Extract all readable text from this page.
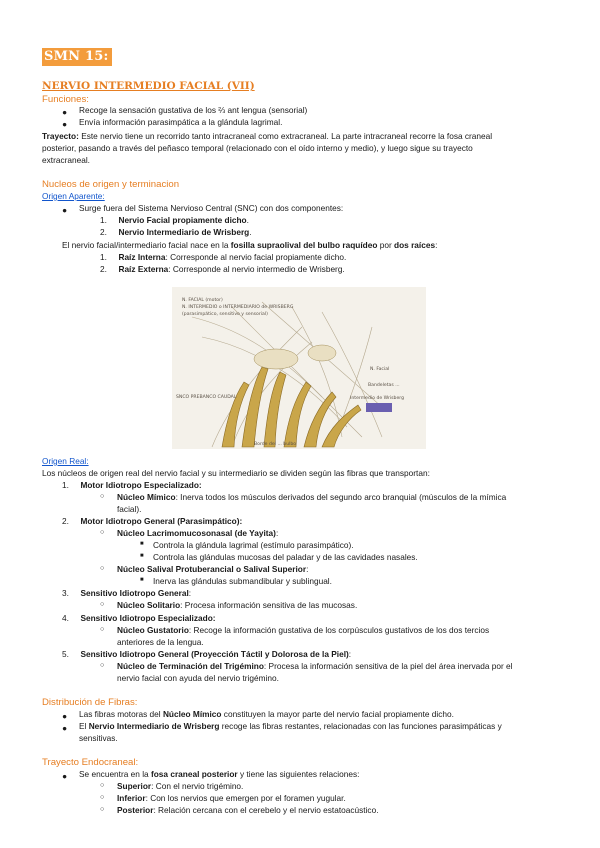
SMN 15:
NERVIO INTERMEDIO FACIAL (VII)
Funciones:
● Recoge la sensación gustativa de los ⅔ ant lengua (sensorial)
● Envía información parasimpática a la glándula lagrimal.
Trayecto: Este nervio tiene un recorrido tanto intracraneal como extracraneal. La parte intracraneal recorre la fosa craneal
posterior, pasando a través del peñasco temporal (relacionado con el oído interno y medio), y luego sigue su trayecto
extracraneal.
Nucleos de origen y terminacion
Origen Aparente:
● Surge fuera del Sistema Nervioso Central (SNC) con dos componentes:
1.     Nervio Facial propiamente dicho.
2.     Nervio Intermediario de Wrisberg.
El nervio facial/intermediario facial nace en la fosilla supraolival del bulbo raquídeo por dos raíces:
1.     Raíz Interna: Corresponde al nervio facial propiamente dicho.
2.     Raíz Externa: Corresponde al nervio intermedio de Wrisberg.
N. FACIAL (motor)
N. INTERMEDIO o INTERMEDIARIO de WRISBERG
(parasimpático, sensitivo y sensorial)
N. Facial
Bandeletas ...
Intermedio de Wrisberg
SNCO PREBANCO CAUDAL
Borde del ... bulbo
Origen Real:
Los núcleos de origen real del nervio facial y su intermediario se dividen según las fibras que transportan:
1.     Motor Idiotropo Especializado:
○ Núcleo Mímico: Inerva todos los músculos derivados del segundo arco branquial (músculos de la mímica
facial).
2.     Motor Idiotropo General (Parasimpático):
○ Núcleo Lacrimomucosonasal (de Yayita):
■ Controla la glándula lagrimal (estímulo parasimpático).
■ Controla las glándulas mucosas del paladar y de las cavidades nasales.
○ Núcleo Salival Protuberancial o Salival Superior:
■ Inerva las glándulas submandibular y sublingual.
3.     Sensitivo Idiotropo General:
○ Núcleo Solitario: Procesa información sensitiva de las mucosas.
4.     Sensitivo Idiotropo Especializado:
○ Núcleo Gustatorio: Recoge la información gustativa de los corpúsculos gustativos de los dos tercios
anteriores de la lengua.
5.     Sensitivo Idiotropo General (Proyección Táctil y Dolorosa de la Piel):
○ Núcleo de Terminación del Trigémino: Procesa la información sensitiva de la piel del área inervada por el
nervio facial con ayuda del nervio trigémino.
Distribución de Fibras:
● Las fibras motoras del Núcleo Mímico constituyen la mayor parte del nervio facial propiamente dicho.
● El Nervio Intermediario de Wrisberg recoge las fibras restantes, relacionadas con las funciones parasimpáticas y
sensitivas.
Trayecto Endocraneal:
● Se encuentra en la fosa craneal posterior y tiene las siguientes relaciones:
○ Superior: Con el nervio trigémino.
○ Inferior: Con los nervios que emergen por el foramen yugular.
○ Posterior: Relación cercana con el cerebelo y el nervio estatoacústico.
